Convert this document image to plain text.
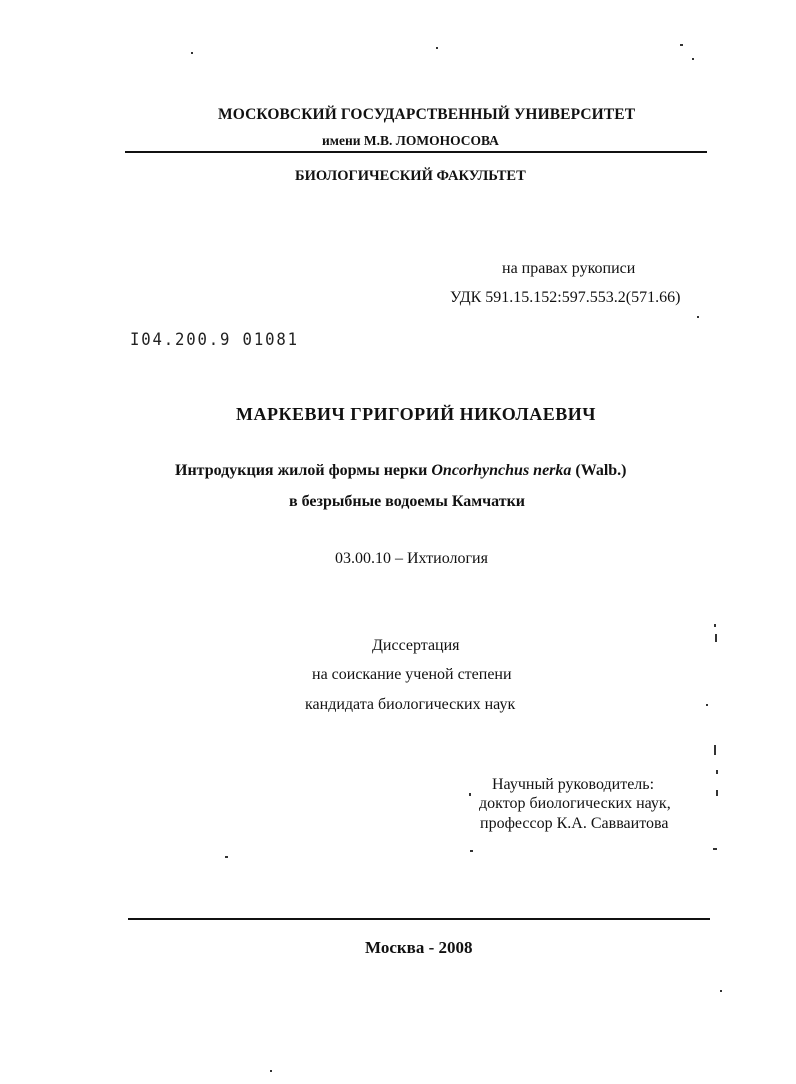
МОСКОВСКИЙ ГОСУДАРСТВЕННЫЙ УНИВЕРСИТЕТ
имени М.В. ЛОМОНОСОВА
БИОЛОГИЧЕСКИЙ ФАКУЛЬТЕТ
на правах рукописи
УДК 591.15.152:597.553.2(571.66)
I04.200.9 01081
МАРКЕВИЧ ГРИГОРИЙ НИКОЛАЕВИЧ
Интродукция жилой формы нерки Oncorhynchus nerka (Walb.)
в безрыбные водоемы Камчатки
03.00.10 – Ихтиология
Диссертация
на соискание ученой степени
кандидата биологических наук
Научный руководитель:
доктор биологических наук,
профессор К.А. Савваитова
Москва - 2008
